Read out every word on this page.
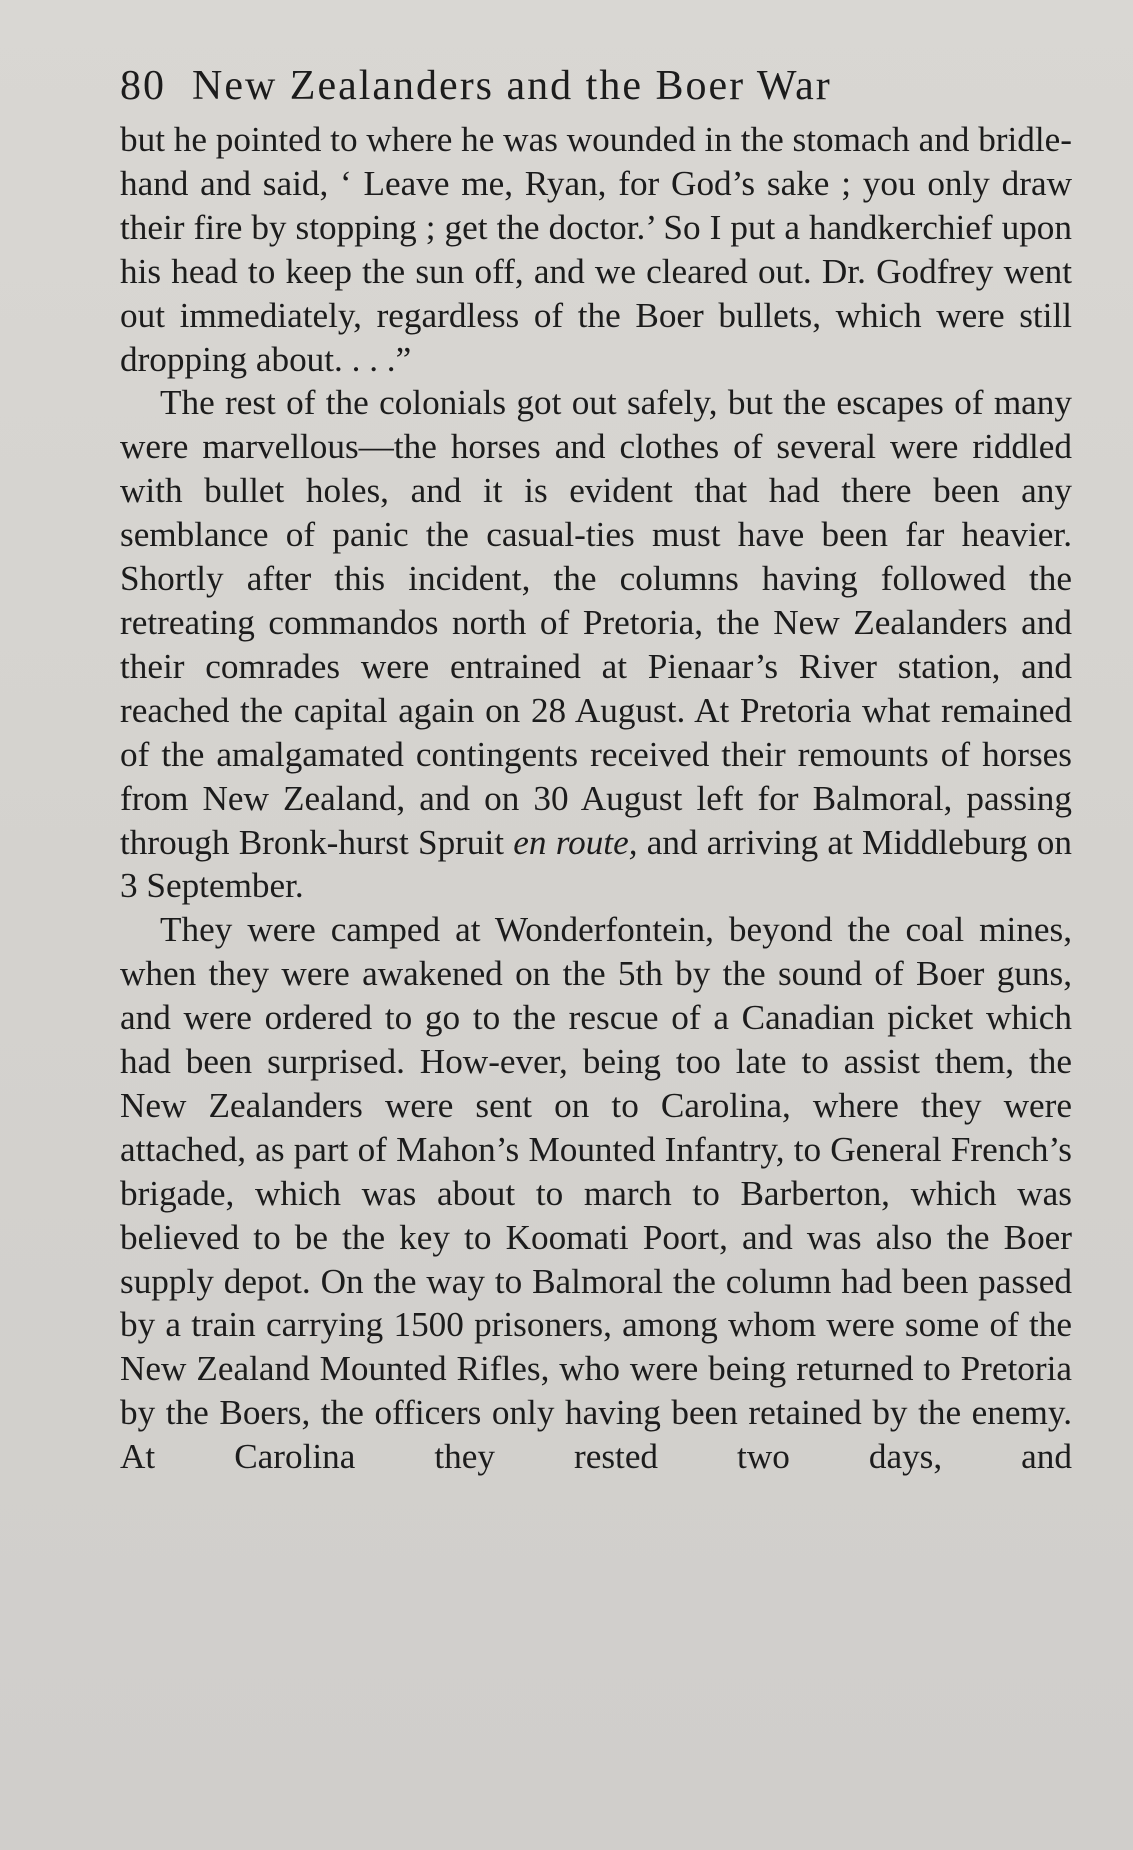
80 New Zealanders and the Boer War

but he pointed to where he was wounded in the stomach and bridle-hand and said, ‘ Leave me, Ryan, for God’s sake ; you only draw their fire by stopping ; get the doctor.’ So I put a handkerchief upon his head to keep the sun off, and we cleared out. Dr. Godfrey went out immediately, regardless of the Boer bullets, which were still dropping about. . . .”

The rest of the colonials got out safely, but the escapes of many were marvellous—the horses and clothes of several were riddled with bullet holes, and it is evident that had there been any semblance of panic the casual-ties must have been far heavier. Shortly after this incident, the columns having followed the retreating commandos north of Pretoria, the New Zealanders and their comrades were entrained at Pienaar’s River station, and reached the capital again on 28 August. At Pretoria what remained of the amalgamated contingents received their remounts of horses from New Zealand, and on 30 August left for Balmoral, passing through Bronk-hurst Spruit en route, and arriving at Middleburg on 3 September.

They were camped at Wonderfontein, beyond the coal mines, when they were awakened on the 5th by the sound of Boer guns, and were ordered to go to the rescue of a Canadian picket which had been surprised. How-ever, being too late to assist them, the New Zealanders were sent on to Carolina, where they were attached, as part of Mahon’s Mounted Infantry, to General French’s brigade, which was about to march to Barberton, which was believed to be the key to Koomati Poort, and was also the Boer supply depot. On the way to Balmoral the column had been passed by a train carrying 1500 prisoners, among whom were some of the New Zealand Mounted Rifles, who were being returned to Pretoria by the Boers, the officers only having been retained by the enemy. At Carolina they rested two days, and
